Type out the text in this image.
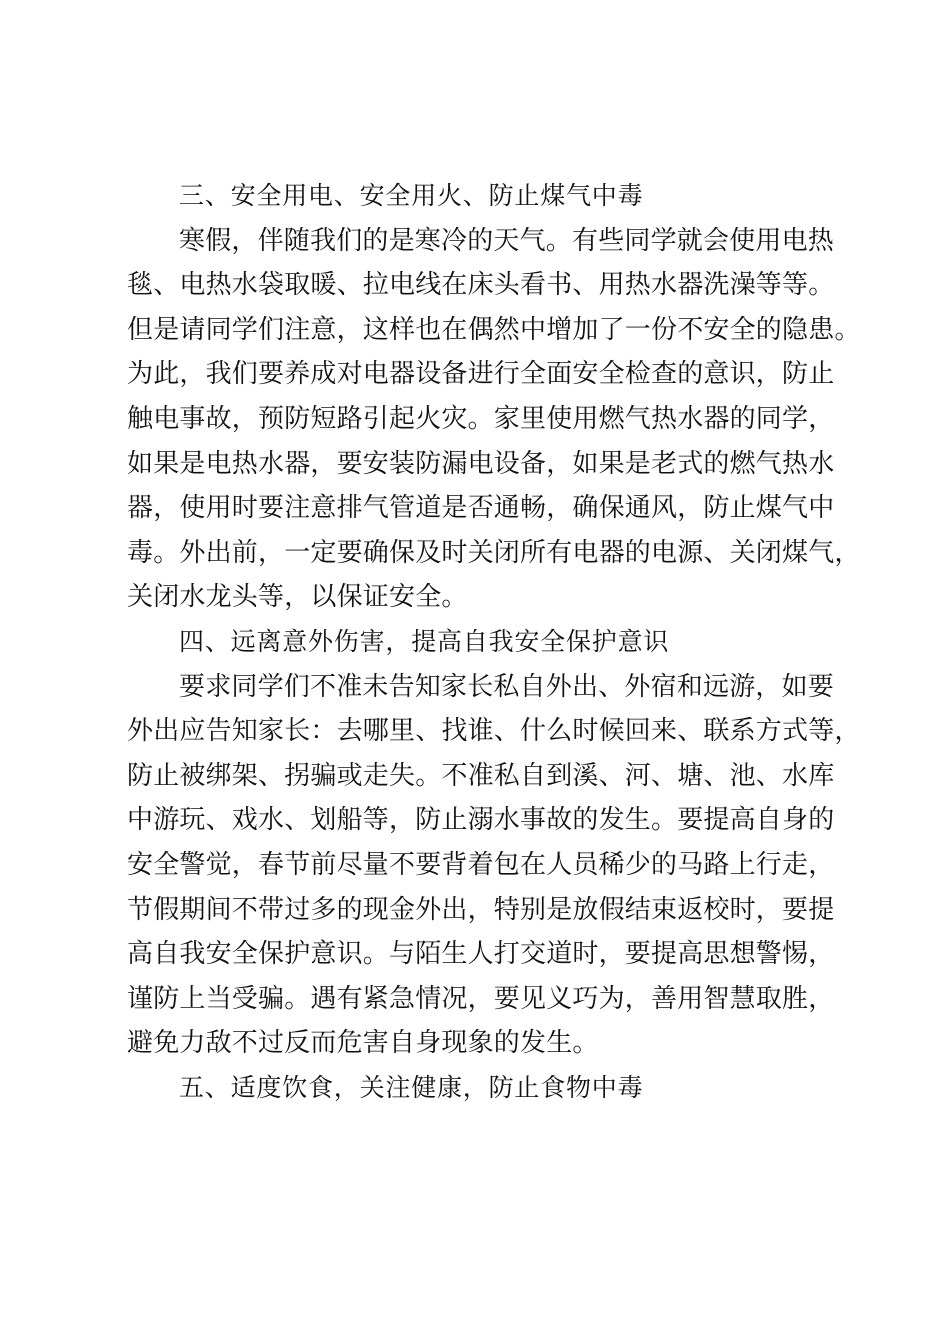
三、安全用电、安全用火、防止煤气中毒
寒假，伴随我们的是寒冷的天气。有些同学就会使用电热
毯、电热水袋取暖、拉电线在床头看书、用热水器洗澡等等。
但是请同学们注意，这样也在偶然中增加了一份不安全的隐患。
为此，我们要养成对电器设备进行全面安全检查的意识，防止
触电事故，预防短路引起火灾。家里使用燃气热水器的同学，
如果是电热水器，要安装防漏电设备，如果是老式的燃气热水
器，使用时要注意排气管道是否通畅，确保通风，防止煤气中
毒。外出前，一定要确保及时关闭所有电器的电源、关闭煤气，
关闭水龙头等，以保证安全。
四、远离意外伤害，提高自我安全保护意识
要求同学们不准未告知家长私自外出、外宿和远游，如要
外出应告知家长：去哪里、找谁、什么时候回来、联系方式等，
防止被绑架、拐骗或走失。不准私自到溪、河、塘、池、水库
中游玩、戏水、划船等，防止溺水事故的发生。要提高自身的
安全警觉，春节前尽量不要背着包在人员稀少的马路上行走，
节假期间不带过多的现金外出，特别是放假结束返校时，要提
高自我安全保护意识。与陌生人打交道时，要提高思想警惕，
谨防上当受骗。遇有紧急情况，要见义巧为，善用智慧取胜，
避免力敌不过反而危害自身现象的发生。
五、适度饮食，关注健康，防止食物中毒
